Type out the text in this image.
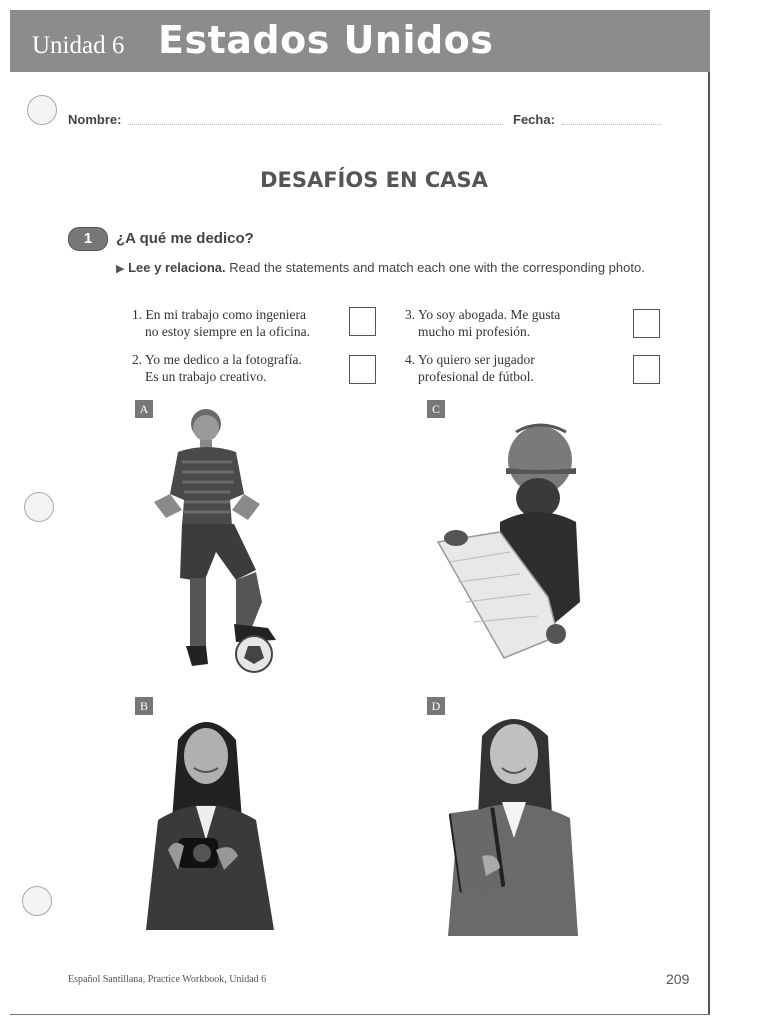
Unidad 6 Estados Unidos
Nombre:	Fecha:
DESAFÍOS EN CASA
1	¿A qué me dedico?
▶ Lee y relaciona. Read the statements and match each one with the corresponding photo.
1. En mi trabajo como ingeniera
no estoy siempre en la oficina.
2. Yo me dedico a la fotografía.
Es un trabajo creativo.
3. Yo soy abogada. Me gusta
mucho mi profesión.
4. Yo quiero ser jugador
profesional de fútbol.
A	C
B	D
Español Santillana, Practice Workbook, Unidad 6	209
